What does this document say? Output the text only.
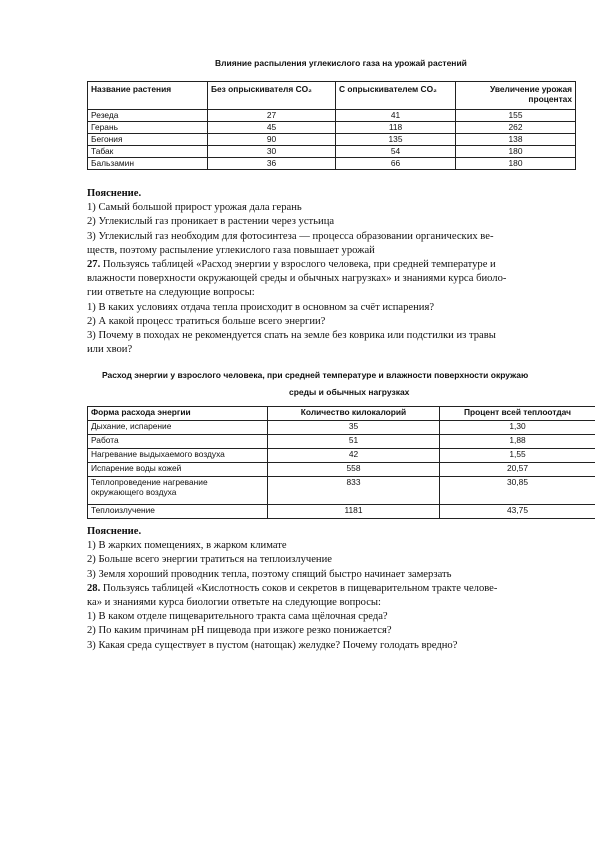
Влияние распыления углекислого газа на урожай растений
Название растения	Без опрыскивателя CO₂	С опрыскивателем CO₂	Увеличение урожая
процентах
Резеда	27	41	155
Герань	45	118	262
Бегония	90	135	138
Табак	30	54	180
Бальзамин	36	66	180
Пояснение.
1) Самый большой прирост урожая дала герань
2) Углекислый газ проникает в растении через устьица
3) Углекислый газ необходим для фотосинтеза — процесса образовании органических ве-
ществ, поэтому распыление углекислого газа повышает урожай
27. Пользуясь таблицей «Расход энергии у взрослого человека, при средней температуре и
влажности поверхности окружающей среды и обычных нагрузках» и знаниями курса биоло-
гии ответьте на следующие вопросы:
1) В каких условиях отдача тепла происходит в основном за счёт испарения?
2) А какой процесс тратиться больше всего энергии?
3) Почему в походах не рекомендуется спать на земле без коврика или подстилки из травы
или хвои?
Расход энергии у взрослого человека, при средней температуре и влажности поверхности окружаю
среды и обычных нагрузках
Форма расхода энергии	Количество килокалорий	Процент всей теплоотдач
Дыхание, испарение	35	1,30
Работа	51	1,88
Нагревание выдыхаемого воздуха	42	1,55
Испарение воды кожей	558	20,57
Теплопроведение нагревание
окружающего воздуха	833	30,85
Теплоизлучение	1181	43,75
Пояснение.
1) В жарких помещениях, в жарком климате
2) Больше всего энергии тратиться на теплоизлучение
3) Земля хороший проводник тепла, поэтому спящий быстро начинает замерзать
28. Пользуясь таблицей «Кислотность соков и секретов в пищеварительном тракте челове-
ка» и знаниями курса биологии ответьте на следующие вопросы:
1) В каком отделе пищеварительного тракта сама щёлочная среда?
2) По каким причинам pH пищевода при изжоге резко понижается?
3) Какая среда существует в пустом (натощак) желудке? Почему голодать вредно?
